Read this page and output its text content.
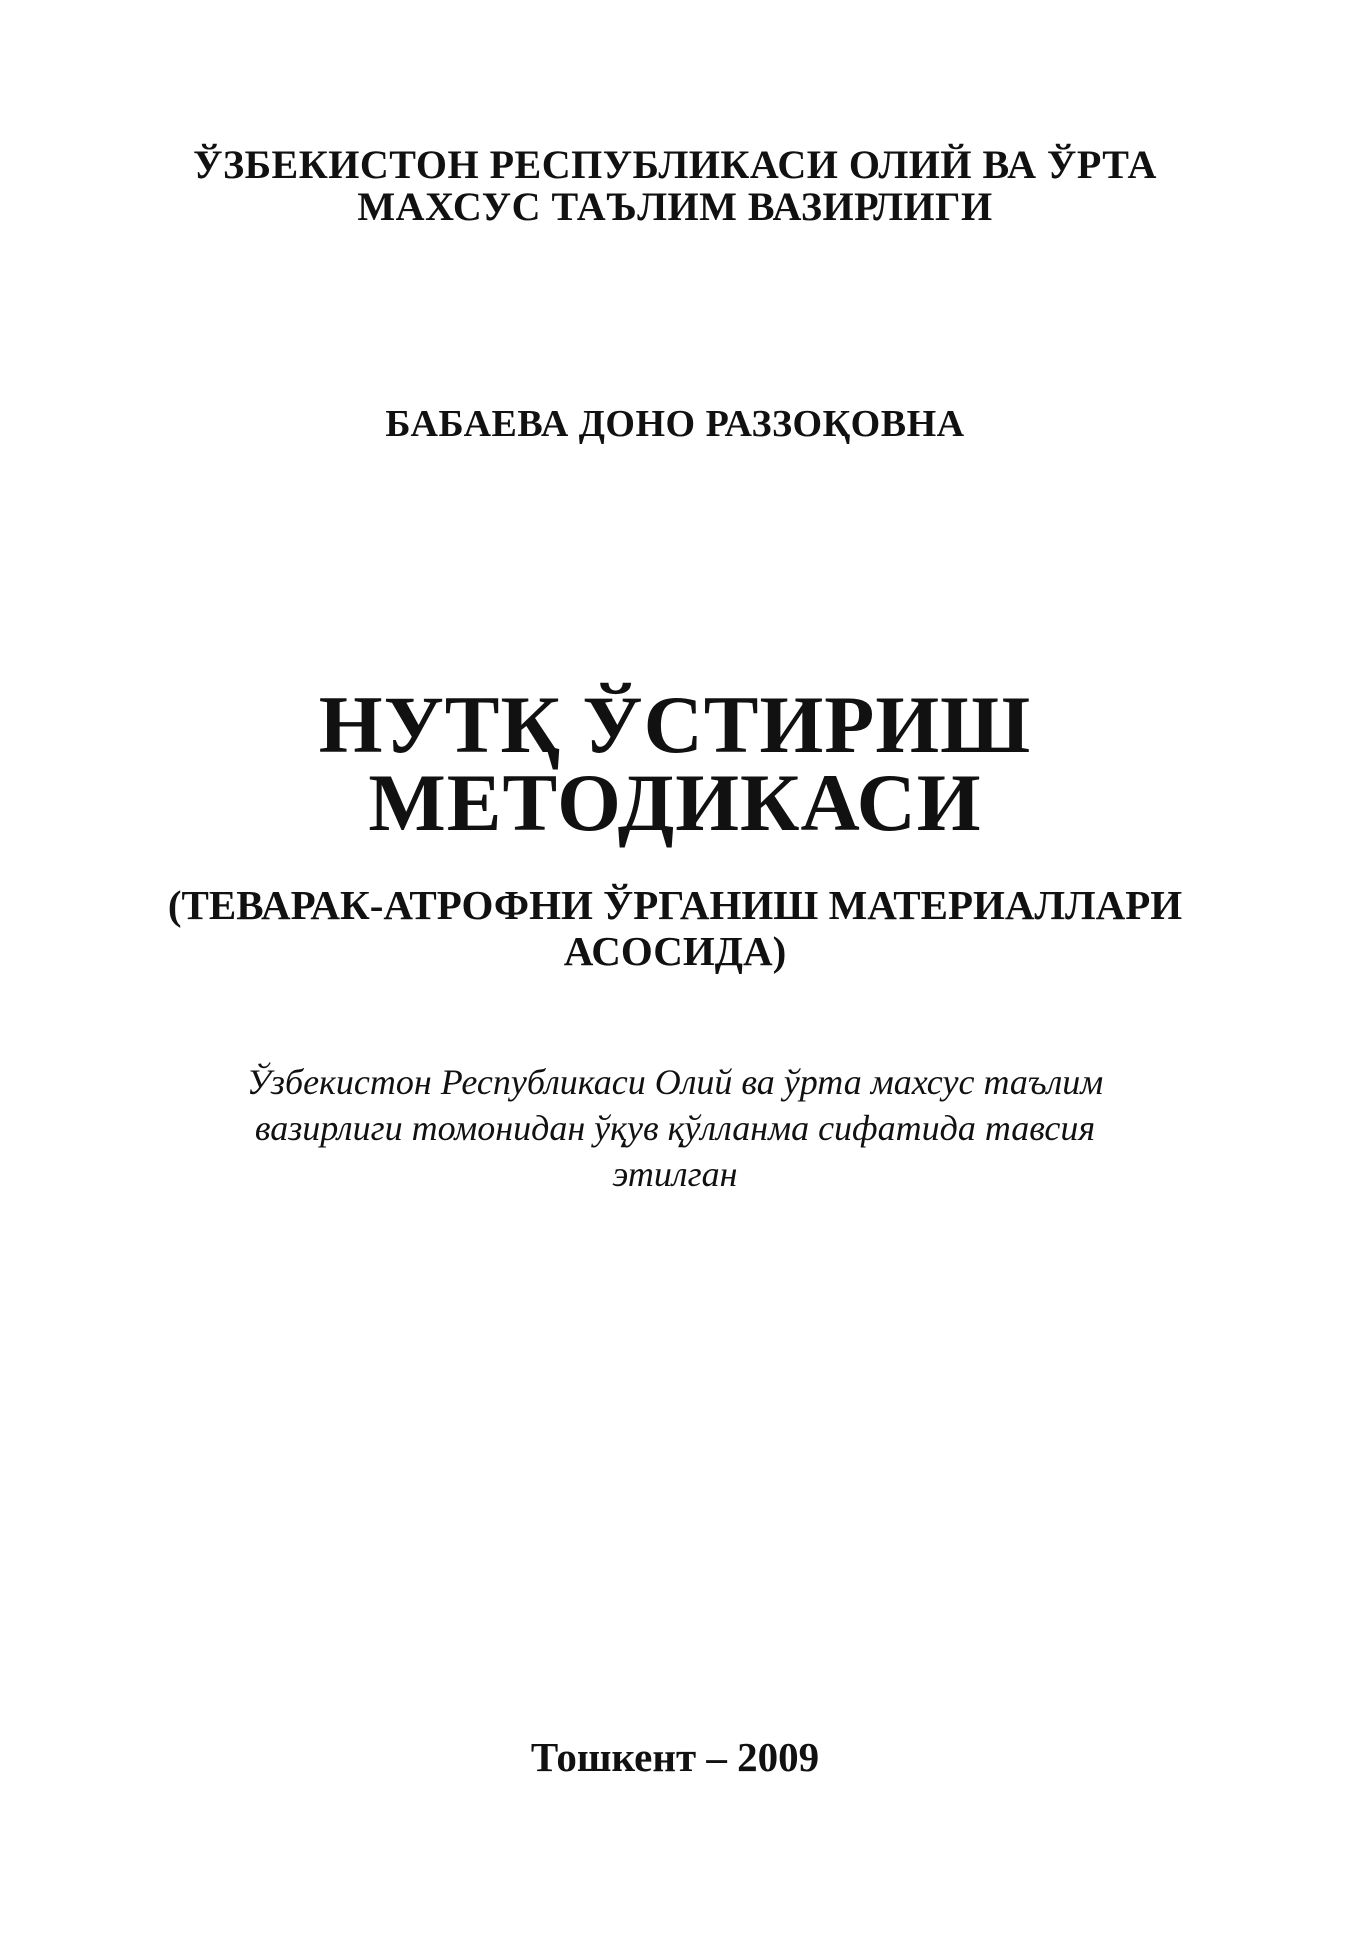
ЎЗБЕКИСТОН РЕСПУБЛИКАСИ ОЛИЙ ВА ЎРТА
МАХСУС ТАЪЛИМ ВАЗИРЛИГИ
БАБАЕВА ДОНО РАЗЗОҚОВНА
НУТҚ ЎСТИРИШ
МЕТОДИКАСИ
(ТЕВАРАК-АТРОФНИ ЎРГАНИШ МАТЕРИАЛЛАРИ
АСОСИДА)
Ўзбекистон Республикаси Олий ва ўрта махсус таълим
вазирлиги томонидан ўқув қўлланма сифатида тавсия
этилган
Тошкент – 2009
